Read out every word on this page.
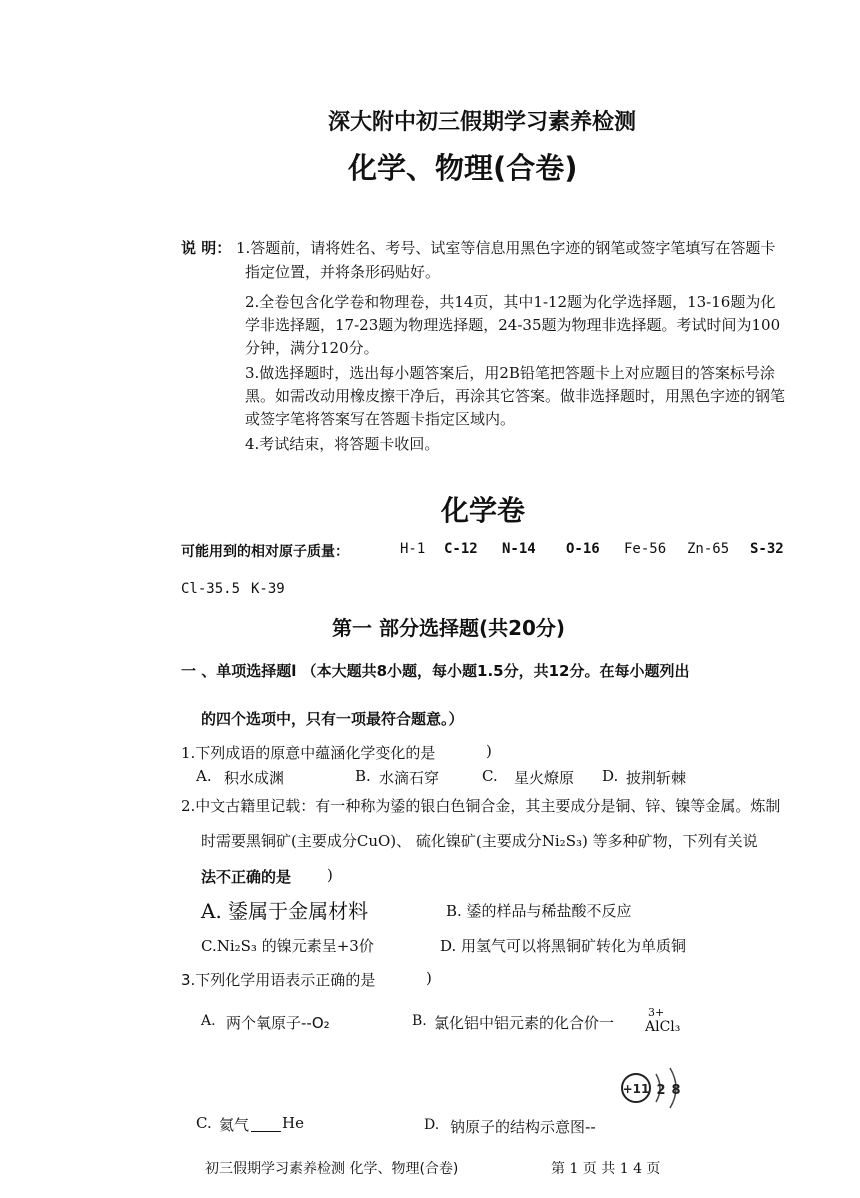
深大附中初三假期学习素养检测
化学、物理(合卷)
说 明： 1.答题前，请将姓名、考号、试室等信息用黑色字迹的钢笔或签字笔填写在答题卡
指定位置，并将条形码贴好。
2.全卷包含化学卷和物理卷，共14页，其中1-12题为化学选择题，13-16题为化
学非选择题，17-23题为物理选择题，24-35题为物理非选择题。考试时间为100
分钟，满分120分。
3.做选择题时，选出每小题答案后，用2B铅笔把答题卡上对应题目的答案标号涂
黑。如需改动用橡皮擦干净后，再涂其它答案。做非选择题时，用黑色字迹的钢笔
或签字笔将答案写在答题卡指定区域内。
4.考试结束，将答题卡收回。
化学卷
可能用到的相对原子质量：	H-1 C-12 N-14 O-16 Fe-56 Zn-65 S-32
Cl-35.5 K-39
第一 部分选择题(共20分)
一 、单项选择题l （本大题共8小题，每小题1.5分，共12分。在每小题列出
的四个选项中，只有一项最符合题意。）
1.下列成语的原意中蕴涵化学变化的是	)
A. 积水成渊	B. 水滴石穿	C. 星火燎原 D. 披荆斩棘
2.中文古籍里记载：有一种称为鋈的银白色铜合金，其主要成分是铜、锌、镍等金属。炼制
时需要黑铜矿(主要成分CuO)、 硫化镍矿(主要成分Ni₂S₃) 等多种矿物，下列有关说
法不正确的是 )
A. 鋈属于金属材料	B. 鋈的样品与稀盐酸不反应
C.Ni₂S₃ 的镍元素呈+3价	D. 用氢气可以将黑铜矿转化为单质铜
3.下列化学用语表示正确的是	)
A. 两个氧原子--O₂	B. 氯化铝中铝元素的化合价一
3+
AlCl₃
C. 氦气 He	D. 钠原子的结构示意图--
+11 2 8
初三假期学习素养检测 化学、物理(合卷)	第 1 页 共 1 4 页
